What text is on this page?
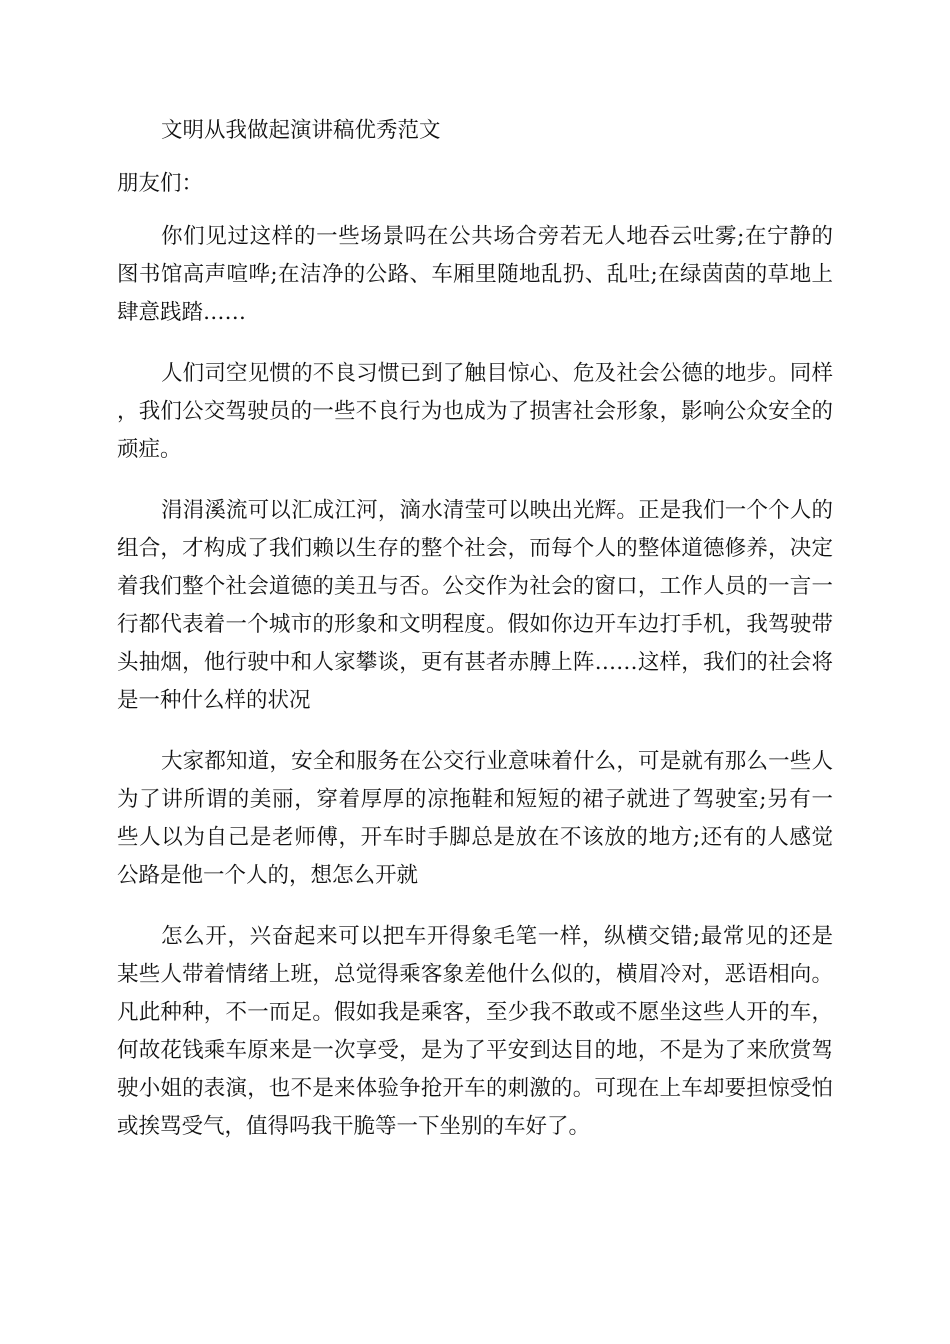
文明从我做起演讲稿优秀范文

朋友们：

你们见过这样的一些场景吗在公共场合旁若无人地吞云吐雾;在宁静的图书馆高声喧哗;在洁净的公路、车厢里随地乱扔、乱吐;在绿茵茵的草地上肆意践踏……

人们司空见惯的不良习惯已到了触目惊心、危及社会公德的地步。同样，我们公交驾驶员的一些不良行为也成为了损害社会形象，影响公众安全的顽症。

涓涓溪流可以汇成江河，滴水清莹可以映出光辉。正是我们一个个人的组合，才构成了我们赖以生存的整个社会，而每个人的整体道德修养，决定着我们整个社会道德的美丑与否。公交作为社会的窗口，工作人员的一言一行都代表着一个城市的形象和文明程度。假如你边开车边打手机，我驾驶带头抽烟，他行驶中和人家攀谈，更有甚者赤膊上阵……这样，我们的社会将是一种什么样的状况

大家都知道，安全和服务在公交行业意味着什么，可是就有那么一些人为了讲所谓的美丽，穿着厚厚的凉拖鞋和短短的裙子就进了驾驶室;另有一些人以为自己是老师傅，开车时手脚总是放在不该放的地方;还有的人感觉公路是他一个人的，想怎么开就

怎么开，兴奋起来可以把车开得象毛笔一样，纵横交错;最常见的还是某些人带着情绪上班，总觉得乘客象差他什么似的，横眉冷对，恶语相向。凡此种种，不一而足。假如我是乘客，至少我不敢或不愿坐这些人开的车，何故花钱乘车原来是一次享受，是为了平安到达目的地，不是为了来欣赏驾驶小姐的表演，也不是来体验争抢开车的刺激的。可现在上车却要担惊受怕或挨骂受气，值得吗我干脆等一下坐别的车好了。
